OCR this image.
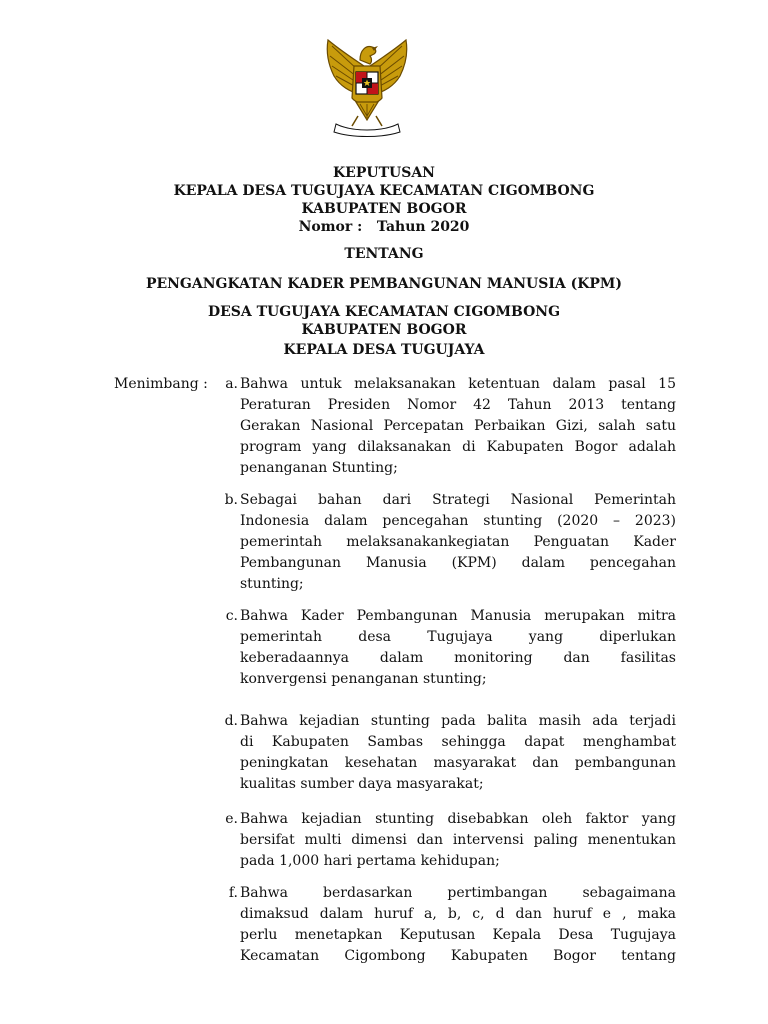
KEPUTUSAN
KEPALA DESA TUGUJAYA KECAMATAN CIGOMBONG
KABUPATEN BOGOR
Nomor :   Tahun 2020
TENTANG
PENGANGKATAN KADER PEMBANGUNAN MANUSIA (KPM)
DESA TUGUJAYA KECAMATAN CIGOMBONG
KABUPATEN BOGOR
KEPALA DESA TUGUJAYA
Menimbang :	a. Bahwa untuk melaksanakan ketentuan dalam pasal 15
Peraturan Presiden Nomor 42 Tahun 2013 tentang
Gerakan Nasional Percepatan Perbaikan Gizi, salah satu
program yang dilaksanakan di Kabupaten Bogor adalah
penanganan Stunting;
b. Sebagai bahan dari Strategi Nasional Pemerintah
Indonesia dalam pencegahan stunting (2020 – 2023)
pemerintah melaksanakankegiatan Penguatan Kader
Pembangunan Manusia (KPM) dalam pencegahan
stunting;
c. Bahwa Kader Pembangunan Manusia merupakan mitra
pemerintah desa Tugujaya yang diperlukan
keberadaannya dalam monitoring dan fasilitas
konvergensi penanganan stunting;
d. Bahwa kejadian stunting pada balita masih ada terjadi
di Kabupaten Sambas sehingga dapat menghambat
peningkatan kesehatan masyarakat dan pembangunan
kualitas sumber daya masyarakat;
e. Bahwa kejadian stunting disebabkan oleh faktor yang
bersifat multi dimensi dan intervensi paling menentukan
pada 1,000 hari pertama kehidupan;
f. Bahwa berdasarkan pertimbangan sebagaimana
dimaksud dalam huruf a, b, c, d dan huruf e , maka
perlu menetapkan Keputusan Kepala Desa Tugujaya
Kecamatan Cigombong Kabupaten Bogor tentang
